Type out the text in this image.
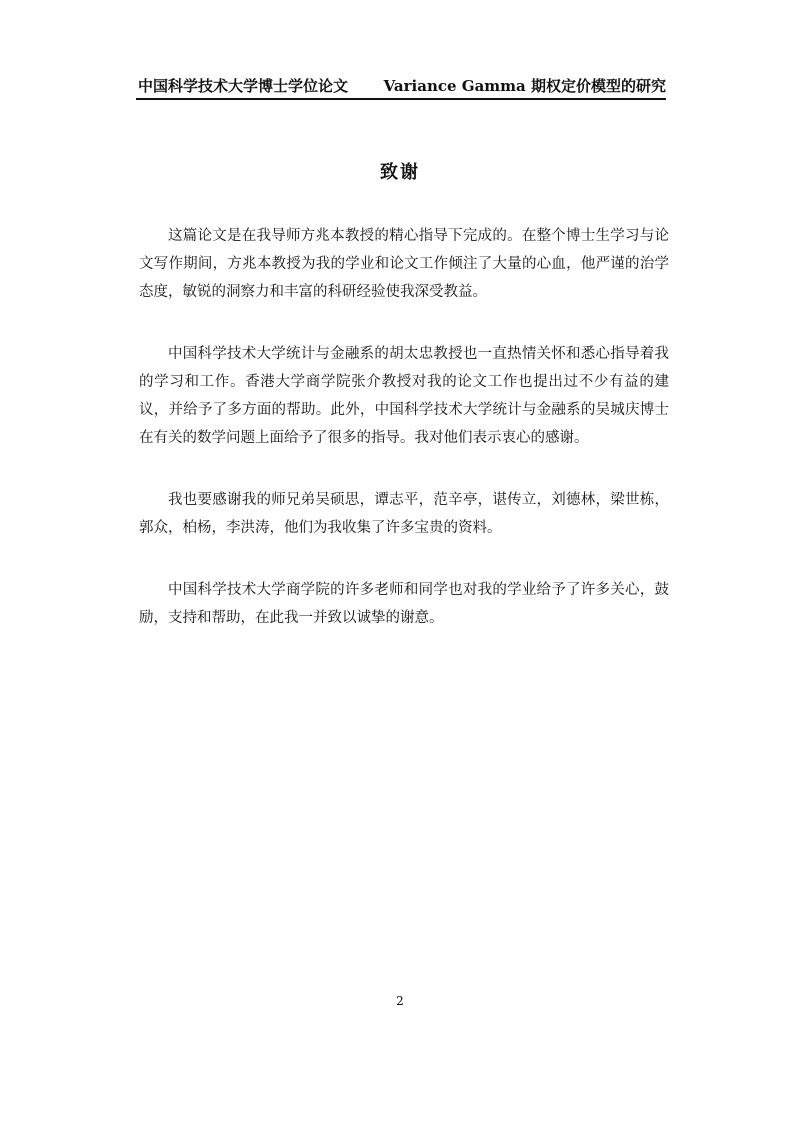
中国科学技术大学博士学位论文 Variance Gamma 期权定价模型的研究
致谢

这篇论文是在我导师方兆本教授的精心指导下完成的。在整个博士生学习与论文写作期间，方兆本教授为我的学业和论文工作倾注了大量的心血，他严谨的治学态度，敏锐的洞察力和丰富的科研经验使我深受教益。

中国科学技术大学统计与金融系的胡太忠教授也一直热情关怀和悉心指导着我的学习和工作。香港大学商学院张介教授对我的论文工作也提出过不少有益的建议，并给予了多方面的帮助。此外，中国科学技术大学统计与金融系的吴城庆博士在有关的数学问题上面给予了很多的指导。我对他们表示衷心的感谢。

我也要感谢我的师兄弟吴硕思，谭志平，范辛亭，谌传立，刘德林，梁世栋，郭众，柏杨，李洪涛，他们为我收集了许多宝贵的资料。

中国科学技术大学商学院的许多老师和同学也对我的学业给予了许多关心，鼓励，支持和帮助，在此我一并致以诚挚的谢意。

2
